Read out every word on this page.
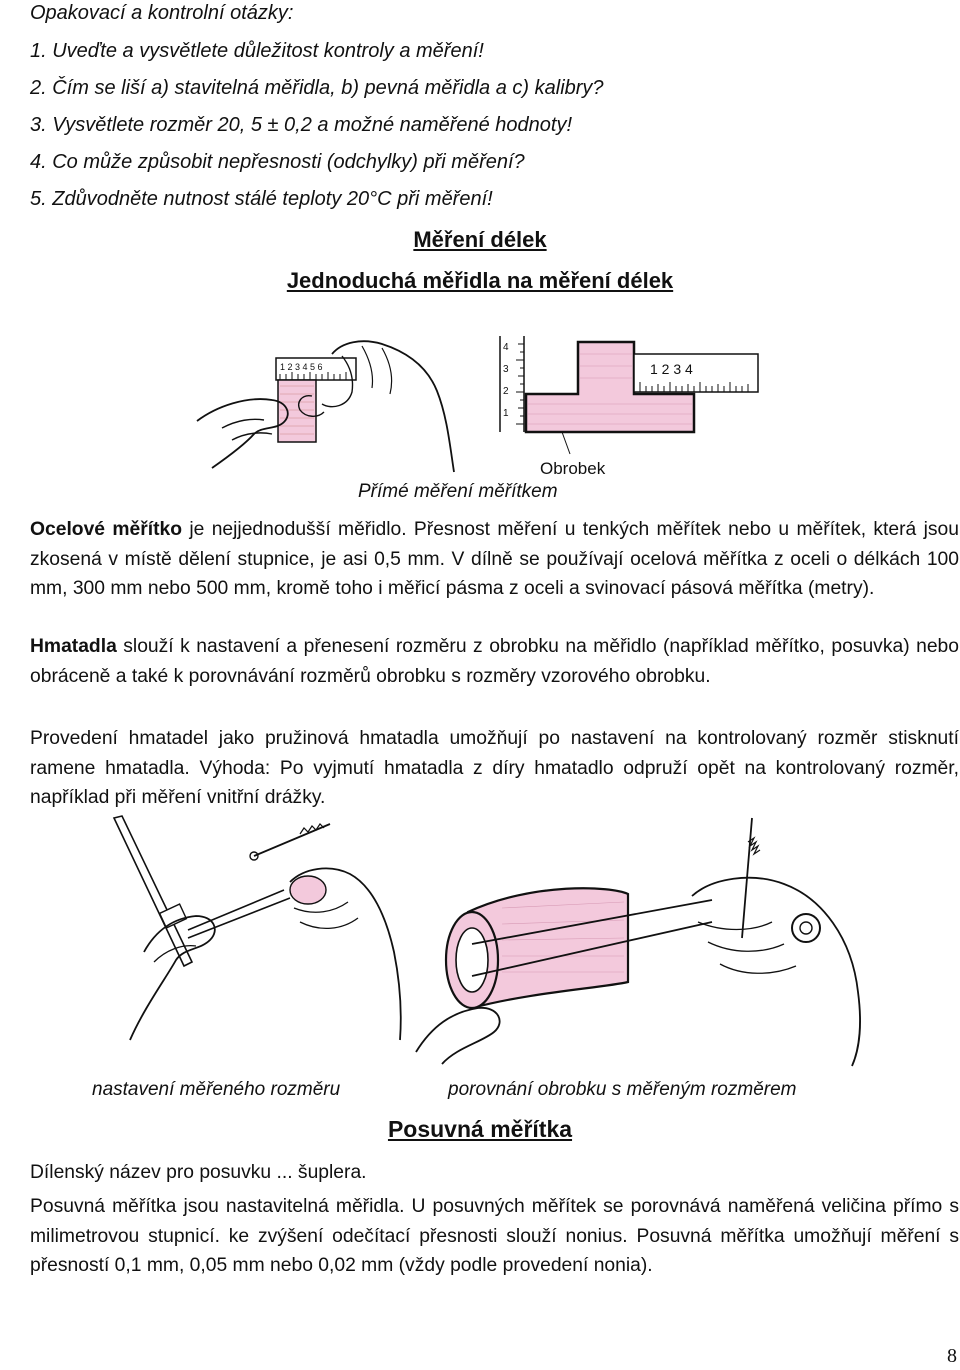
Opakovací a kontrolní otázky:
1. Uveďte a vysvětlete důležitost kontroly a měření!
2. Čím se liší a) stavitelná měřidla, b) pevná měřidla a c) kalibry?
3. Vysvětlete rozměr 20, 5 ± 0,2 a možné naměřené hodnoty!
4. Co může způsobit nepřesnosti (odchylky) při měření?
5. Zdůvodněte nutnost stálé teploty 20°C při měření!
Měření délek
Jednoduchá měřidla na měření délek
1 2 3 4 5 6
4
3
2
1
1 2 3 4
Obrobek
Přímé měření měřítkem
Ocelové měřítko je nejjednodušší měřidlo. Přesnost měření u tenkých měřítek nebo u měřítek, která jsou zkosená v místě dělení stupnice, je asi 0,5 mm. V dílně se používají ocelová měřítka z oceli o délkách 100 mm, 300 mm nebo 500 mm, kromě toho i měřicí pásma z oceli a svinovací pásová měřítka (metry).
Hmatadla slouží k nastavení a přenesení rozměru z obrobku na měřidlo (například měřítko, posuvka) nebo obráceně a také k porovnávání rozměrů obrobku s rozměry vzorového obrobku.
Provedení hmatadel jako pružinová hmatadla umožňují po nastavení na kontrolovaný rozměr stisknutí ramene hmatadla. Výhoda: Po vyjmutí hmatadla z díry hmatadlo odpruží opět na kontrolovaný rozměr, například při měření vnitřní drážky.
nastavení měřeného rozměru	porovnání obrobku s měřeným rozměrem
Posuvná měřítka
Dílenský název pro posuvku ... šuplera.
Posuvná měřítka jsou nastavitelná měřidla. U posuvných měřítek se porovnává naměřená veličina přímo s milimetrovou stupnicí. ke zvýšení odečítací přesnosti slouží nonius. Posuvná měřítka umožňují měření s přesností 0,1 mm, 0,05 mm nebo 0,02 mm (vždy podle provedení nonia).
8
